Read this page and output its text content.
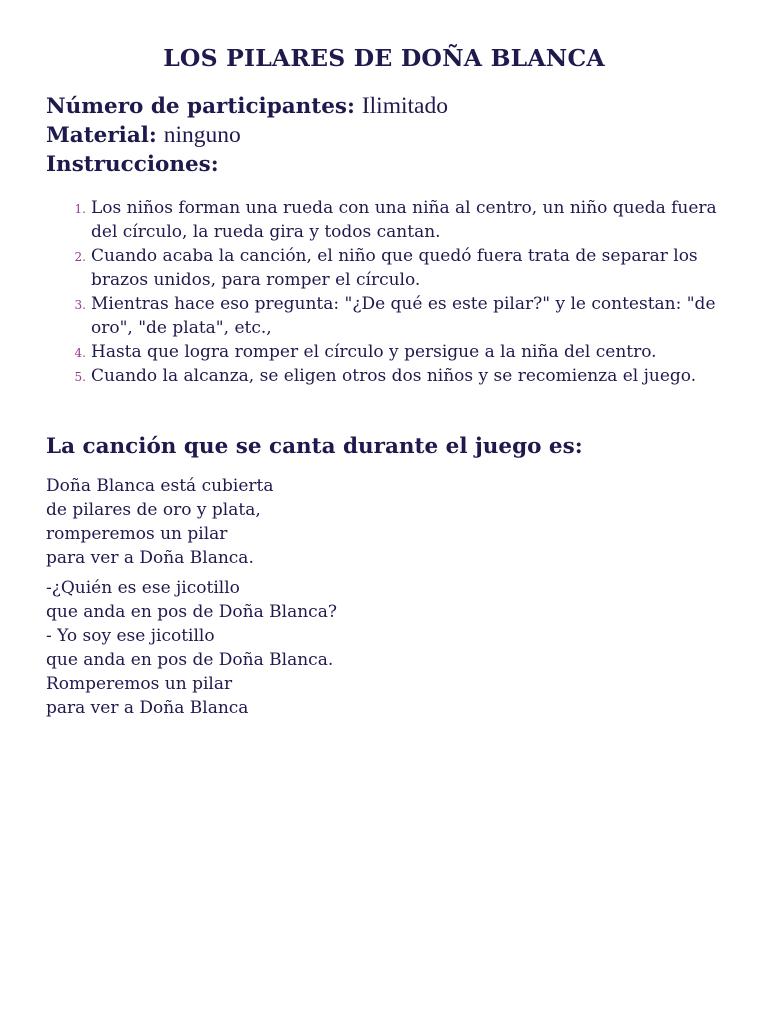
LOS PILARES DE DOÑA BLANCA
Número de participantes: Ilimitado
Material: ninguno
Instrucciones:
1. Los niños forman una rueda con una niña al centro, un niño queda fuera del círculo, la rueda gira y todos cantan.
2. Cuando acaba la canción, el niño que quedó fuera trata de separar los brazos unidos, para romper el círculo.
3. Mientras hace eso pregunta: "¿De qué es este pilar?" y le contestan: "de oro", "de plata", etc.,
4. Hasta que logra romper el círculo y persigue a la niña del centro.
5. Cuando la alcanza, se eligen otros dos niños y se recomienza el juego.
La canción que se canta durante el juego es:
Doña Blanca está cubierta
de pilares de oro y plata,
romperemos un pilar
para ver a Doña Blanca.
-¿Quién es ese jicotillo
que anda en pos de Doña Blanca?
- Yo soy ese jicotillo
que anda en pos de Doña Blanca.
Romperemos un pilar
para ver a Doña Blanca
